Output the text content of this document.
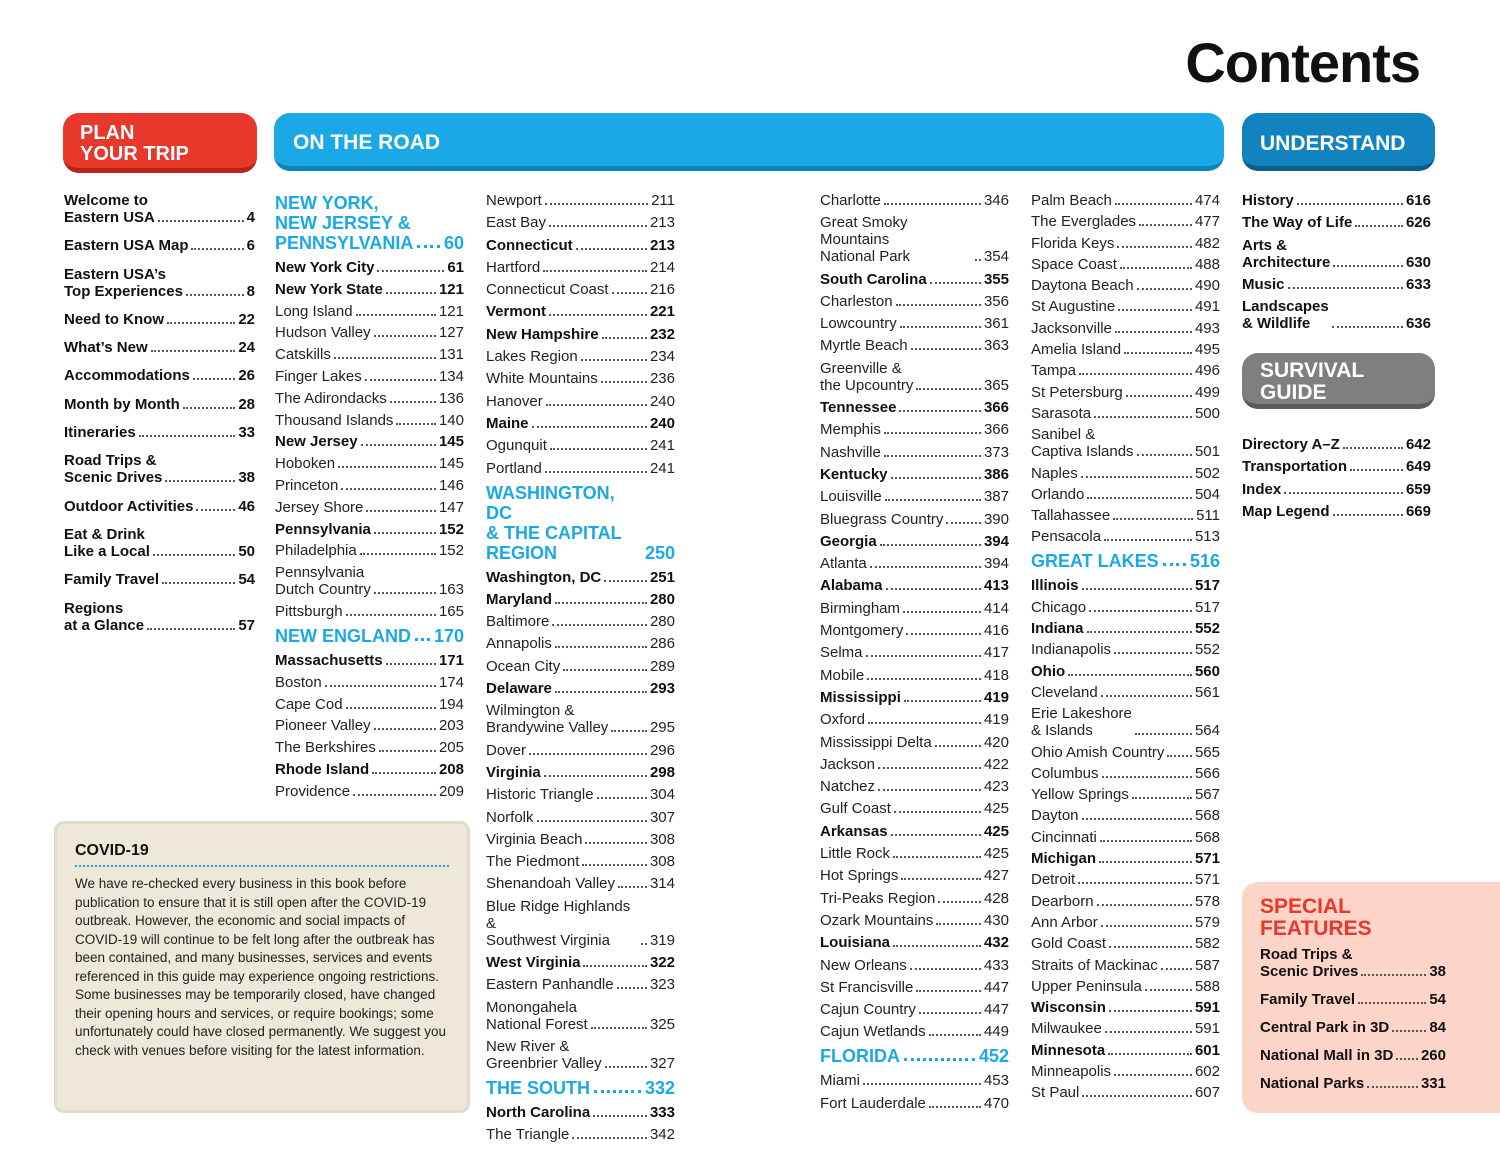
Contents
PLAN
YOUR TRIP	ON THE ROAD	UNDERSTAND
SURVIVAL
GUIDE
Welcome to
Eastern USA	4
Eastern USA Map	6
Eastern USA’s
Top Experiences	8
Need to Know	22
What’s New	24
Accommodations	26
Month by Month	28
Itineraries	33
Road Trips &
Scenic Drives	38
Outdoor Activities	46
Eat & Drink
Like a Local	50
Family Travel	54
Regions
at a Glance	57
NEW YORK,
NEW JERSEY &
PENNSYLVANIA 60
New York City	61
New York State	121
Long Island	121
Hudson Valley	127
Catskills	131
Finger Lakes	134
The Adirondacks	136
Thousand Islands	140
New Jersey	145
Hoboken	145
Princeton	146
Jersey Shore	147
Pennsylvania	152
Philadelphia	152
Pennsylvania
Dutch Country	163
Pittsburgh	165
NEW ENGLAND 170
Massachusetts	171
Boston	174
Cape Cod	194
Pioneer Valley	203
The Berkshires	205
Rhode Island	208
Providence	209
Newport	211
East Bay	213
Connecticut	213
Hartford	214
Connecticut Coast	216
Vermont	221
New Hampshire	232
Lakes Region	234
White Mountains	236
Hanover	240
Maine	240
Ogunquit	241
Portland	241
WASHINGTON, DC
& THE CAPITAL
REGION	250
Washington, DC	251
Maryland	280
Baltimore	280
Annapolis	286
Ocean City	289
Delaware	293
Wilmington &
Brandywine Valley	295
Dover	296
Virginia	298
Historic Triangle	304
Norfolk	307
Virginia Beach	308
The Piedmont	308
Shenandoah Valley 314
Blue Ridge Highlands &
Southwest Virginia	319
West Virginia	322
Eastern Panhandle 323
Monongahela
National Forest	325
New River &
Greenbrier Valley	327
THE SOUTH	332
North Carolina	333
The Triangle	342
Charlotte	346
Great Smoky Mountains
National Park	354
South Carolina	355
Charleston	356
Lowcountry	361
Myrtle Beach	363
Greenville &
the Upcountry	365
Tennessee	366
Memphis	366
Nashville	373
Kentucky	386
Louisville	387
Bluegrass Country	390
Georgia	394
Atlanta	394
Alabama	413
Birmingham	414
Montgomery	416
Selma	417
Mobile	418
Mississippi	419
Oxford	419
Mississippi Delta	420
Jackson	422
Natchez	423
Gulf Coast	425
Arkansas	425
Little Rock	425
Hot Springs	427
Tri-Peaks Region	428
Ozark Mountains	430
Louisiana	432
New Orleans	433
St Francisville	447
Cajun Country	447
Cajun Wetlands	449
FLORIDA	452
Miami	453
Fort Lauderdale	470
Palm Beach	474
The Everglades	477
Florida Keys	482
Space Coast	488
Daytona Beach	490
St Augustine	491
Jacksonville	493
Amelia Island	495
Tampa	496
St Petersburg	499
Sarasota	500
Sanibel &
Captiva Islands	501
Naples	502
Orlando	504
Tallahassee	511
Pensacola	513
GREAT LAKES 516
Illinois	517
Chicago	517
Indiana	552
Indianapolis	552
Ohio	560
Cleveland	561
Erie Lakeshore
& Islands	564
Ohio Amish Country 565
Columbus	566
Yellow Springs	567
Dayton	568
Cincinnati	568
Michigan	571
Detroit	571
Dearborn	578
Ann Arbor	579
Gold Coast	582
Straits of Mackinac 587
Upper Peninsula	588
Wisconsin	591
Milwaukee	591
Minnesota	601
Minneapolis	602
St Paul	607
History	616
The Way of Life	626
Arts &
Architecture	630
Music	633
Landscapes
& Wildlife	636
Directory A–Z	642
Transportation	649
Index	659
Map Legend	669
COVID-19

We have re-checked every business in this book before publication to ensure that it is still open after the COVID-19 outbreak. However, the economic and social impacts of COVID-19 will continue to be felt long after the outbreak has been contained, and many businesses, services and events referenced in this guide may experience ongoing restrictions. Some businesses may be temporarily closed, have changed their opening hours and services, or require bookings; some unfortunately could have closed permanently. We suggest you check with venues before visiting for the latest information.

SPECIAL
FEATURES
Road Trips &
Scenic Drives	38
Family Travel	54
Central Park in 3D	84
National Mall in 3D 260
National Parks	331
